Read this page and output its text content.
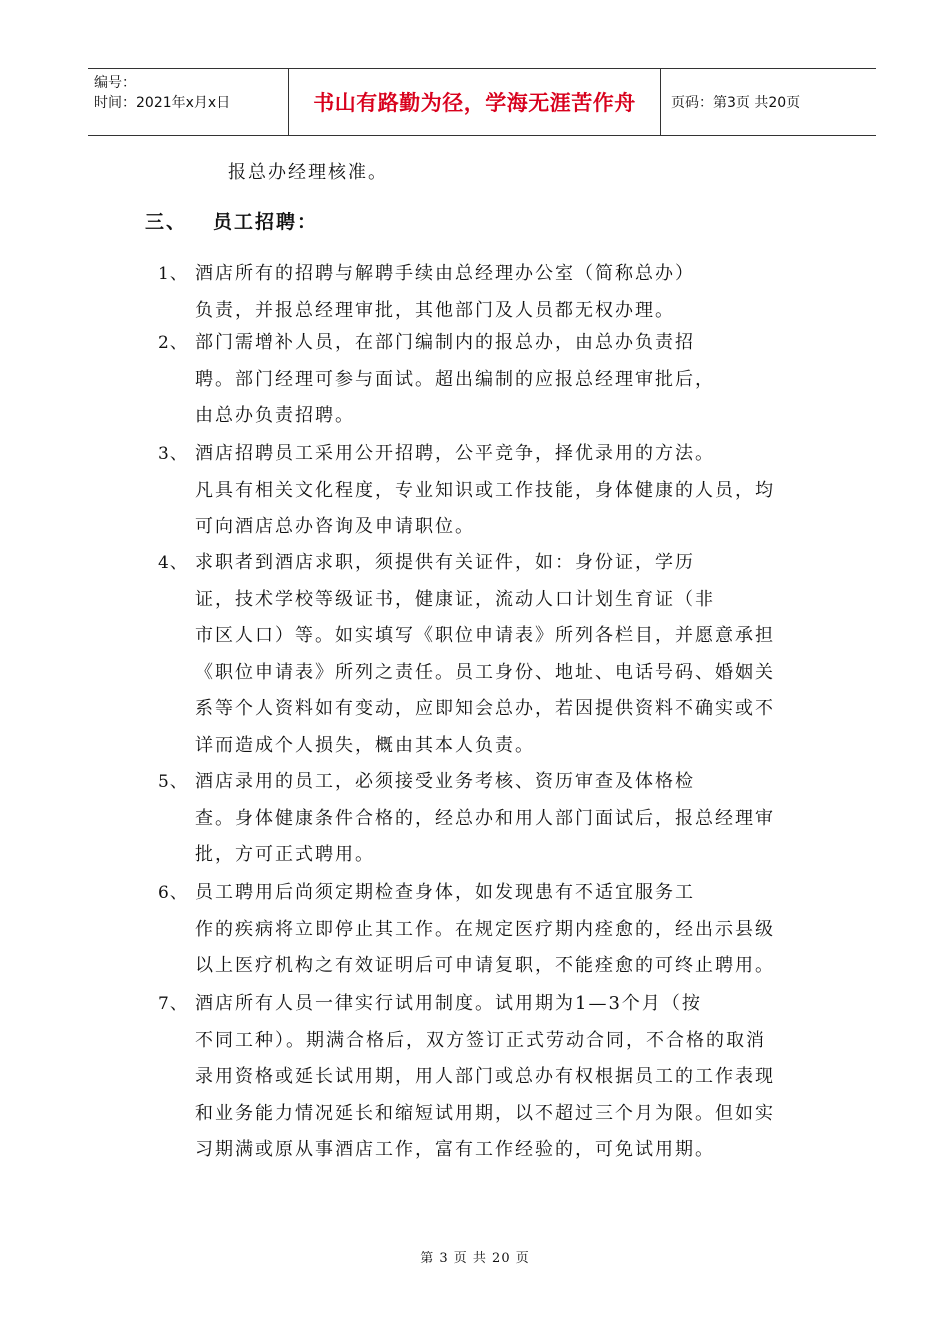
编号：
时间：2021年x月x日	书山有路勤为径，学海无涯苦作舟	页码：第3页 共20页
报总办经理核准。
三、 员工招聘：
1、 酒店所有的招聘与解聘手续由总经理办公室（简称总办）
负责，并报总经理审批，其他部门及人员都无权办理。
2、 部门需增补人员，在部门编制内的报总办，由总办负责招
聘。部门经理可参与面试。超出编制的应报总经理审批后，
由总办负责招聘。
3、 酒店招聘员工采用公开招聘，公平竞争，择优录用的方法。
凡具有相关文化程度，专业知识或工作技能，身体健康的人员，均
可向酒店总办咨询及申请职位。
4、 求职者到酒店求职，须提供有关证件，如：身份证，学历
证，技术学校等级证书，健康证，流动人口计划生育证（非
市区人口）等。如实填写《职位申请表》所列各栏目，并愿意承担
《职位申请表》所列之责任。员工身份、地址、电话号码、婚姻关
系等个人资料如有变动，应即知会总办，若因提供资料不确实或不
详而造成个人损失，概由其本人负责。
5、 酒店录用的员工，必须接受业务考核、资历审查及体格检
查。身体健康条件合格的，经总办和用人部门面试后，报总经理审
批，方可正式聘用。
6、 员工聘用后尚须定期检查身体，如发现患有不适宜服务工
作的疾病将立即停止其工作。在规定医疗期内痊愈的，经出示县级
以上医疗机构之有效证明后可申请复职，不能痊愈的可终止聘用。
7、 酒店所有人员一律实行试用制度。试用期为1—3个月（按
不同工种）。期满合格后，双方签订正式劳动合同，不合格的取消
录用资格或延长试用期，用人部门或总办有权根据员工的工作表现
和业务能力情况延长和缩短试用期，以不超过三个月为限。但如实
习期满或原从事酒店工作，富有工作经验的，可免试用期。
第 3 页 共 20 页
